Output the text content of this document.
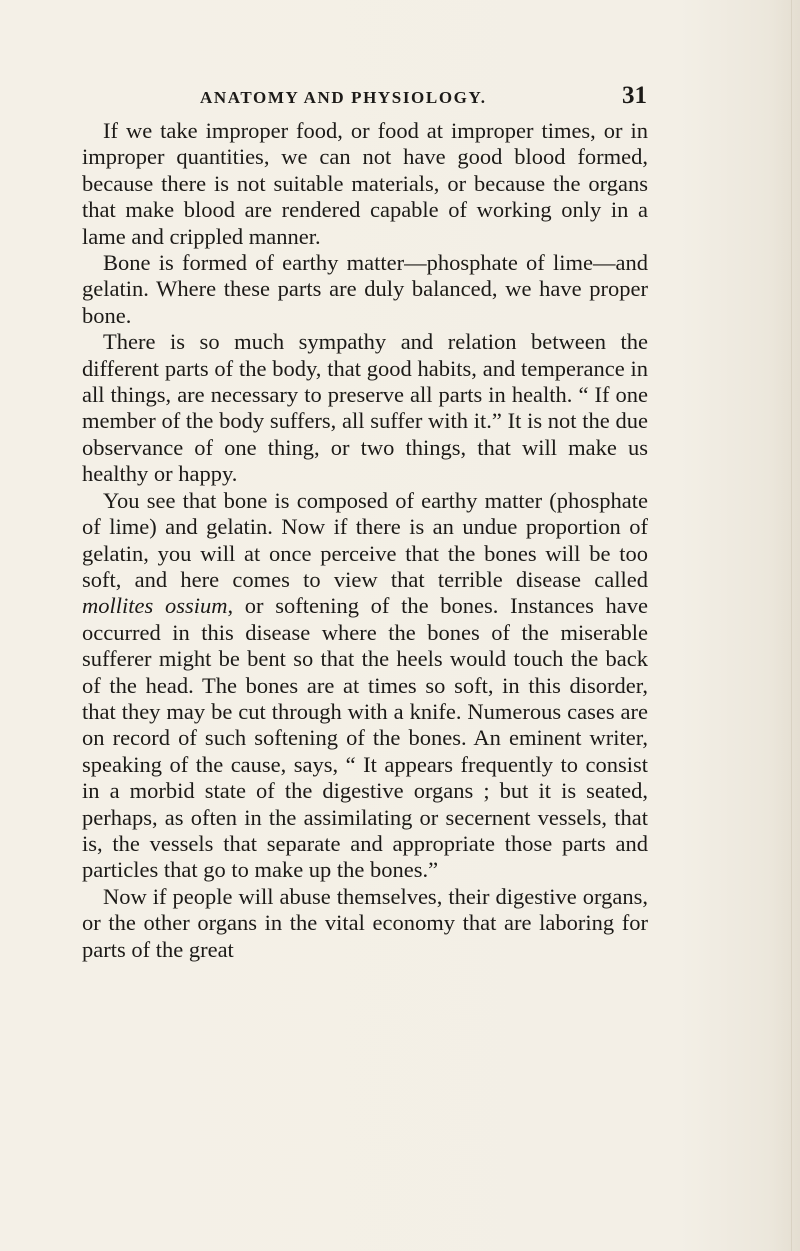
ANATOMY AND PHYSIOLOGY.	31

If we take improper food, or food at improper times, or in improper quantities, we can not have good blood formed, because there is not suitable materials, or because the organs that make blood are rendered capable of working only in a lame and crippled manner.

Bone is formed of earthy matter—phosphate of lime—and gelatin. Where these parts are duly balanced, we have proper bone.

There is so much sympathy and relation between the different parts of the body, that good habits, and temperance in all things, are necessary to preserve all parts in health. “ If one member of the body suffers, all suffer with it.” It is not the due observance of one thing, or two things, that will make us healthy or happy.

You see that bone is composed of earthy matter (phosphate of lime) and gelatin. Now if there is an undue proportion of gelatin, you will at once perceive that the bones will be too soft, and here comes to view that terrible disease called mollites ossium, or softening of the bones. Instances have occurred in this disease where the bones of the miserable sufferer might be bent so that the heels would touch the back of the head. The bones are at times so soft, in this disorder, that they may be cut through with a knife. Numerous cases are on record of such softening of the bones. An eminent writer, speaking of the cause, says, “ It appears frequently to consist in a morbid state of the digestive organs ; but it is seated, perhaps, as often in the assimilating or secernent vessels, that is, the vessels that separate and appropriate those parts and particles that go to make up the bones.”

Now if people will abuse themselves, their digestive organs, or the other organs in the vital economy that are laboring for parts of the great
